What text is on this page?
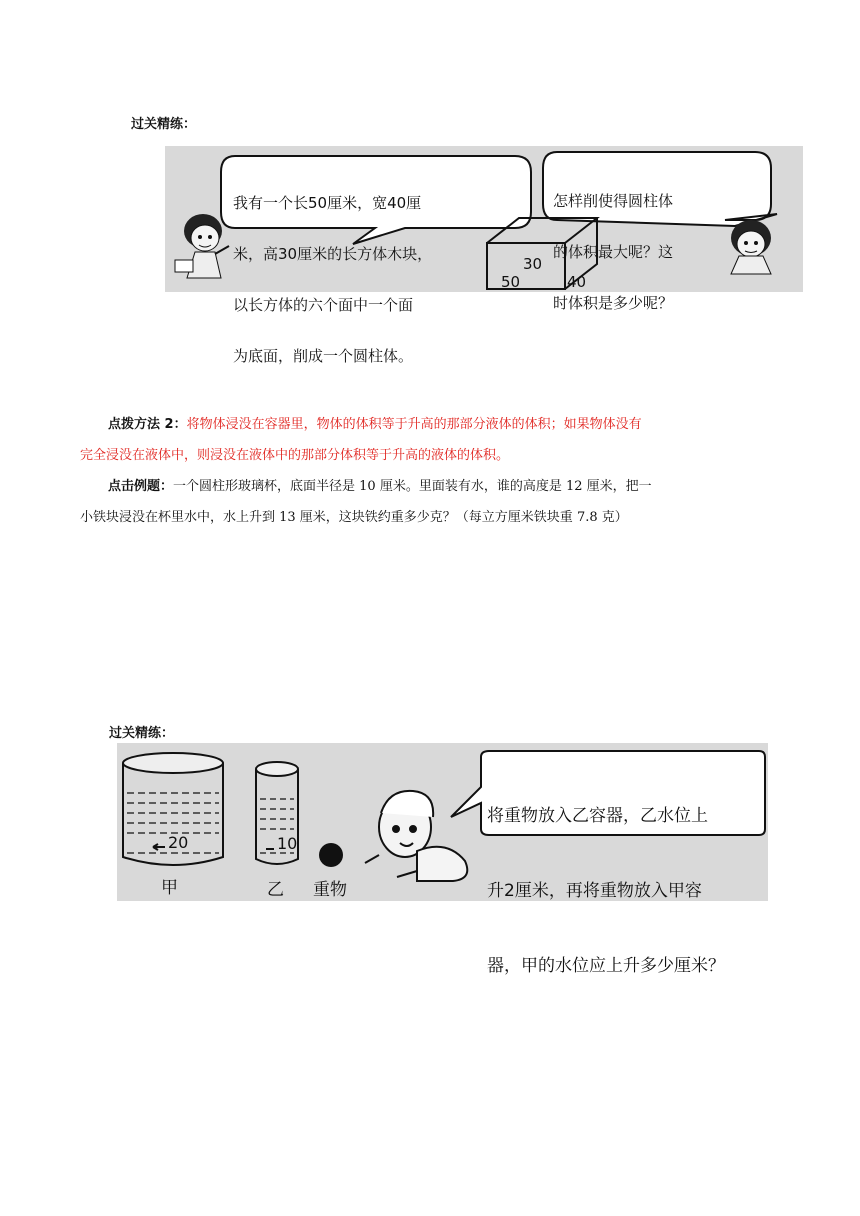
过关精练：

我有一个长50厘米，宽40厘

米，高30厘米的长方体木块，

以长方体的六个面中一个面

为底面，削成一个圆柱体。

怎样削使得圆柱体

的体积最大呢？这

时体积是多少呢？

30
50	40
点拨方法 2：将物体浸没在容器里，物体的体积等于升高的那部分液体的体积；如果物体没有
完全浸没在液体中，则浸没在液体中的那部分体积等于升高的液体的体积。
点击例题：一个圆柱形玻璃杯，底面半径是 10 厘米。里面装有水，谁的高度是 12 厘米，把一
小铁块浸没在杯里水中，水上升到 13 厘米，这块铁约重多少克？（每立方厘米铁块重 7.8 克）
过关精练：
20	10
甲	乙 重物

将重物放入乙容器，乙水位上

升2厘米，再将重物放入甲容

器，甲的水位应上升多少厘米？
